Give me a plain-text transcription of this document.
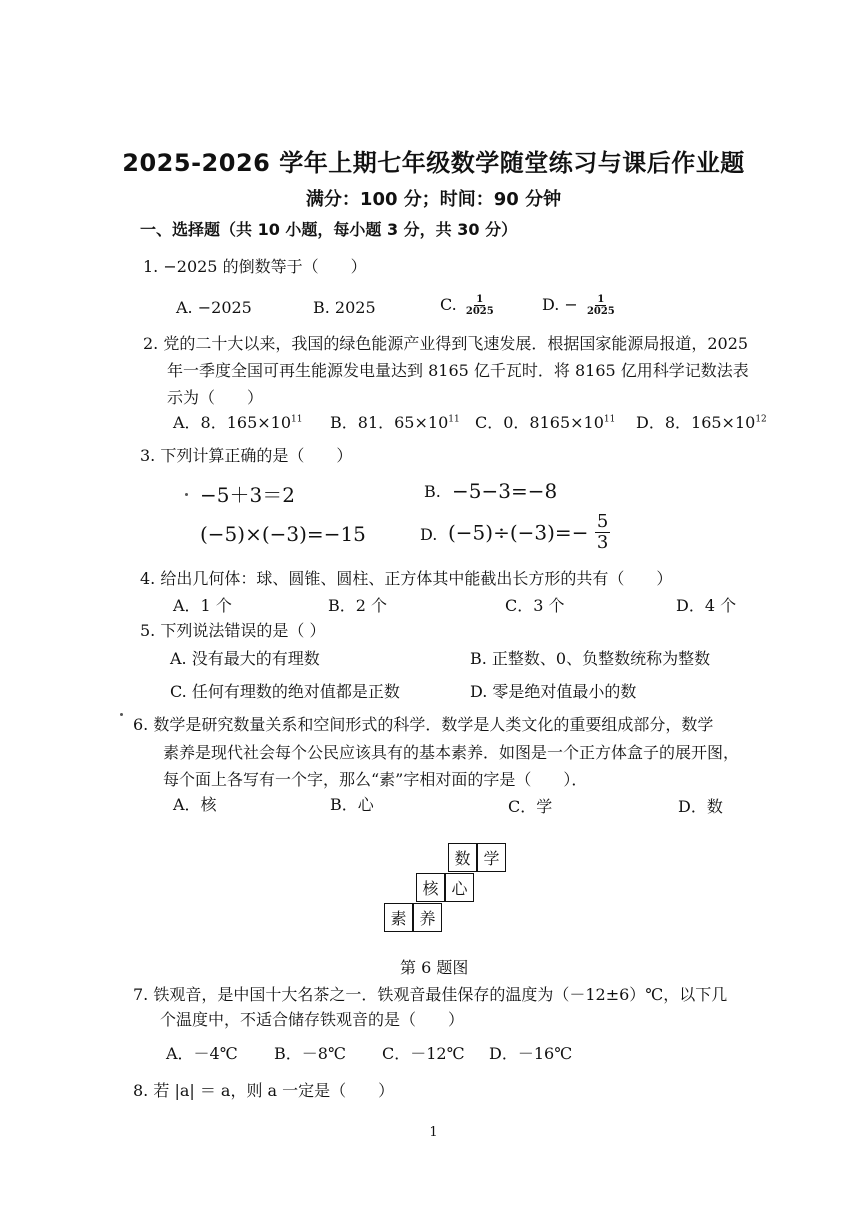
2025-2026 学年上期七年级数学随堂练习与课后作业题
满分：100 分；时间：90 分钟
一、选择题（共 10 小题，每小题 3 分，共 30 分）
1. −2025 的倒数等于（　　）
A. −2025	B. 2025	C. $\frac{1}{2025}$	D. − $\frac{1}{2025}$
2. 党的二十大以来，我国的绿色能源产业得到飞速发展．根据国家能源局报道，2025
年一季度全国可再生能源发电量达到 8165 亿千瓦时．将 8165 亿用科学记数法表
示为（　　）
A．8．$165\times 10^{11}$ B．81．$65\times 10^{11}$ C．0．$8165\times 10^{11}$ D．8．$165\times 10^{12}$
3. 下列计算正确的是（　　）
−5＋3＝2	B. −5−3=−8
(−5)×(−3)=−15	D. $(-5)\div(-3)=- \frac{5}{3}$
4. 给出几何体：球、圆锥、圆柱、正方体其中能截出长方形的共有（　　）
A．1 个	B．2 个	C．3 个	D．4 个
5. 下列说法错误的是（ ）
A. 没有最大的有理数	B. 正整数、0、负整数统称为整数
C. 任何有理数的绝对值都是正数	D. 零是绝对值最小的数
6. 数学是研究数量关系和空间形式的科学．数学是人类文化的重要组成部分，数学
素养是现代社会每个公民应该具有的基本素养．如图是一个正方体盒子的展开图，
每个面上各写有一个字，那么“素”字相对面的字是（　　）．
A．核	B．心	C．学	D．数
数 学
核 心
素 养
第 6 题图
7. 铁观音，是中国十大名茶之一．铁观音最佳保存的温度为（－12±6）℃，以下几
个温度中，不适合储存铁观音的是（　　）
A．－4℃ B．－8℃ C．－12℃ D．－16℃
8. 若 |a| ＝ a，则 a 一定是（　　）
1
